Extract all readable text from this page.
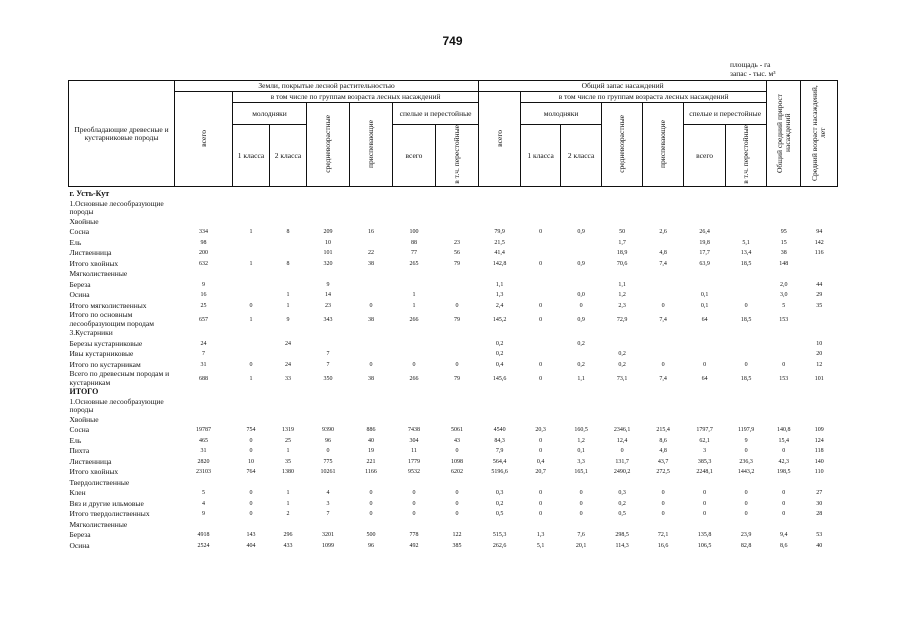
749
площадь - га
запас - тыс. м³
Преобладающие древесные и кустарниковые породы	Земли, покрытые лесной растительностью							Общий запас насаждений							Общий средний прирост насаждений	Средний возраст насаждений, лет
	всего	в том числе по группам возраста лесных насаждений						всего	в том числе по группам возраста лесных насаждений							
		молодняки		средневозрастные	приспевающие	спелые и перестойные			молодняки		средневозрастные	приспевающие	спелые и перестойные			
		1 класса	2 класса			всего	в т.ч. перестойные		1 класса	2 класса			всего	в т.ч. перестойные		

г. Усть-Кут																
1.Основные лесообразующие породы																
Хвойные																
Сосна	334	1	8	209	16	100		79,9	0	0,9	50	2,6	26,4		95	94
Ель	98			10		88	23	21,5			1,7		19,8	5,1	15	142
Лиственница	200			101	22	77	56	41,4			18,9	4,8	17,7	13,4	38	116
Итого хвойных	632	1	8	320	38	265	79	142,8	0	0,9	70,6	7,4	63,9	18,5	148	
Мягколиственные																
Береза	9			9				1,1			1,1				2,0	44
Осина	16		1	14		1		1,3		0,0	1,2		0,1		3,0	29
Итого мягколиственных	25	0	1	23	0	1	0	2,4	0	0	2,3	0	0,1	0	5	35
Итого по основным лесообразующим породам	657	1	9	343	38	266	79	145,2	0	0,9	72,9	7,4	64	18,5	153	
3.Кустарники																
Березы кустарниковые	24		24					0,2		0,2						10
Ивы кустарниковые	7			7				0,2			0,2					20
Итого по кустарникам	31	0	24	7	0	0	0	0,4	0	0,2	0,2	0	0	0	0	12
Всего по древесным породам и кустарникам	688	1	33	350	38	266	79	145,6	0	1,1	73,1	7,4	64	18,5	153	101
ИТОГО																
1.Основные лесообразующие породы																
Хвойные																
Сосна	19787	754	1319	9390	886	7438	5061	4540	20,3	160,5	2346,1	215,4	1797,7	1197,9	140,8	109
Ель	465	0	25	96	40	304	43	84,3	0	1,2	12,4	8,6	62,1	9	15,4	124
Пихта	31	0	1	0	19	11	0	7,9	0	0,1	0	4,8	3	0	0	118
Лиственница	2820	10	35	775	221	1779	1098	564,4	0,4	3,3	131,7	43,7	385,3	236,3	42,3	140
Итого хвойных	23103	764	1380	10261	1166	9532	6202	5196,6	20,7	165,1	2490,2	272,5	2248,1	1443,2	198,5	110
Твердолиственные																
Клен	5	0	1	4	0	0	0	0,3	0	0	0,3	0	0	0	0	27
Вяз и другие ильмовые	4	0	1	3	0	0	0	0,2	0	0	0,2	0	0	0	0	30
Итого твердолиственных	9	0	2	7	0	0	0	0,5	0	0	0,5	0	0	0	0	28
Мягколиственные																
Береза	4918	143	296	3201	500	778	122	515,3	1,3	7,6	298,5	72,1	135,8	23,9	9,4	53
Осина	2524	404	433	1099	96	492	385	262,6	5,1	20,1	114,3	16,6	106,5	82,8	8,6	40
